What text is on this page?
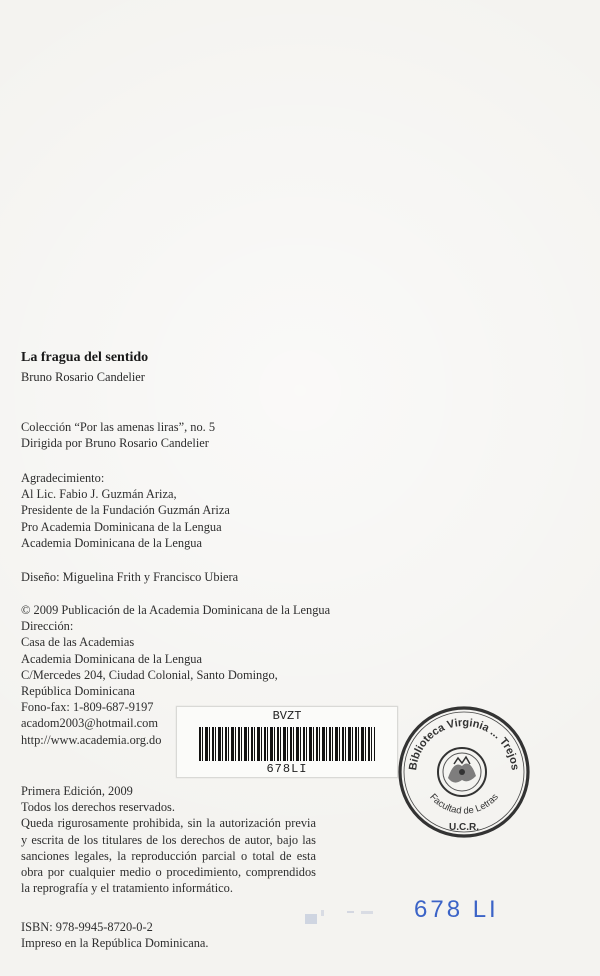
La fragua del sentido
Bruno Rosario Candelier
Colección “Por las amenas liras”, no. 5
Dirigida por Bruno Rosario Candelier
Agradecimiento:
Al Lic. Fabio J. Guzmán Ariza,
Presidente de la Fundación Guzmán Ariza
Pro Academia Dominicana de la Lengua
Academia Dominicana de la Lengua
Diseño: Miguelina Frith y Francisco Ubiera
© 2009 Publicación de la Academia Dominicana de la Lengua
Dirección:
Casa de las Academias
Academia Dominicana de la Lengua
C/Mercedes 204, Ciudad Colonial, Santo Domingo,
República Dominicana
Fono-fax: 1-809-687-9197
acadom2003@hotmail.com
http://www.academia.org.do
Primera Edición, 2009
Todos los derechos reservados.
Queda rigurosamente prohibida, sin la autorización previa y escrita de los titulares de los derechos de autor, bajo las sanciones legales, la reproducción parcial o total de esta obra por cualquier medio o procedimiento, comprendidos la reprografía y el tratamiento informático.
ISBN: 978-9945-8720-0-2
Impreso en la República Dominicana.
BVZT
678LI	Biblioteca Virginia ... Trejos
Facultad de Letras
U.C.R.
678 LI
